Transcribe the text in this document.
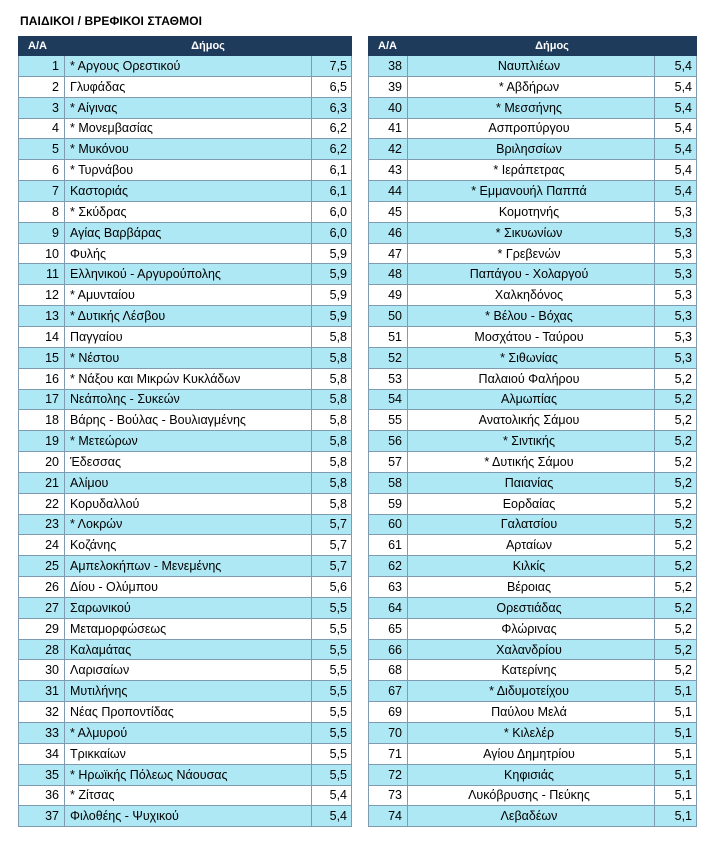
ΠΑΙΔΙΚΟΙ / ΒΡΕΦΙΚΟΙ ΣΤΑΘΜΟΙ
Α/Α	Δήμος	
1	* Αργους Ορεστικού	7,5
2	Γλυφάδας	6,5
3	* Αίγινας	6,3
4	* Μονεμβασίας	6,2
5	* Μυκόνου	6,2
6	* Τυρνάβου	6,1
7	Καστοριάς	6,1
8	* Σκύδρας	6,0
9	Αγίας Βαρβάρας	6,0
10	Φυλής	5,9
11	Ελληνικού - Αργυρούπολης	5,9
12	* Αμυνταίου	5,9
13	* Δυτικής Λέσβου	5,9
14	Παγγαίου	5,8
15	* Νέστου	5,8
16	* Νάξου και Μικρών Κυκλάδων	5,8
17	Νεάπολης - Συκεών	5,8
18	Βάρης - Βούλας - Βουλιαγμένης	5,8
19	* Μετεώρων	5,8
20	Έδεσσας	5,8
21	Αλίμου	5,8
22	Κορυδαλλού	5,8
23	* Λοκρών	5,7
24	Κοζάνης	5,7
25	Αμπελοκήπων - Μενεμένης	5,7
26	Δίου - Ολύμπου	5,6
27	Σαρωνικού	5,5
29	Μεταμορφώσεως	5,5
28	Καλαμάτας	5,5
30	Λαρισαίων	5,5
31	Μυτιλήνης	5,5
32	Νέας Προποντίδας	5,5
33	* Αλμυρού	5,5
34	Τρικκαίων	5,5
35	* Ηρωϊκής Πόλεως Νάουσας	5,5
36	* Ζίτσας	5,4
37	Φιλοθέης - Ψυχικού	5,4
Α/Α	Δήμος	
38	Ναυπλιέων	5,4
39	* Αβδήρων	5,4
40	* Μεσσήνης	5,4
41	Ασπροπύργου	5,4
42	Βριλησσίων	5,4
43	* Ιεράπετρας	5,4
44	* Εμμανουήλ Παππά	5,4
45	Κομοτηνής	5,3
46	* Σικυωνίων	5,3
47	* Γρεβενών	5,3
48	Παπάγου - Χολαργού	5,3
49	Χαλκηδόνος	5,3
50	* Βέλου - Βόχας	5,3
51	Μοσχάτου - Ταύρου	5,3
52	* Σιθωνίας	5,3
53	Παλαιού Φαλήρου	5,2
54	Αλμωπίας	5,2
55	Ανατολικής Σάμου	5,2
56	* Σιντικής	5,2
57	* Δυτικής Σάμου	5,2
58	Παιανίας	5,2
59	Εορδαίας	5,2
60	Γαλατσίου	5,2
61	Αρταίων	5,2
62	Κιλκίς	5,2
63	Βέροιας	5,2
64	Ορεστιάδας	5,2
65	Φλώρινας	5,2
66	Χαλανδρίου	5,2
68	Κατερίνης	5,2
67	* Διδυμοτείχου	5,1
69	Παύλου Μελά	5,1
70	* Κιλελέρ	5,1
71	Αγίου Δημητρίου	5,1
72	Κηφισιάς	5,1
73	Λυκόβρυσης - Πεύκης	5,1
74	Λεβαδέων	5,1
